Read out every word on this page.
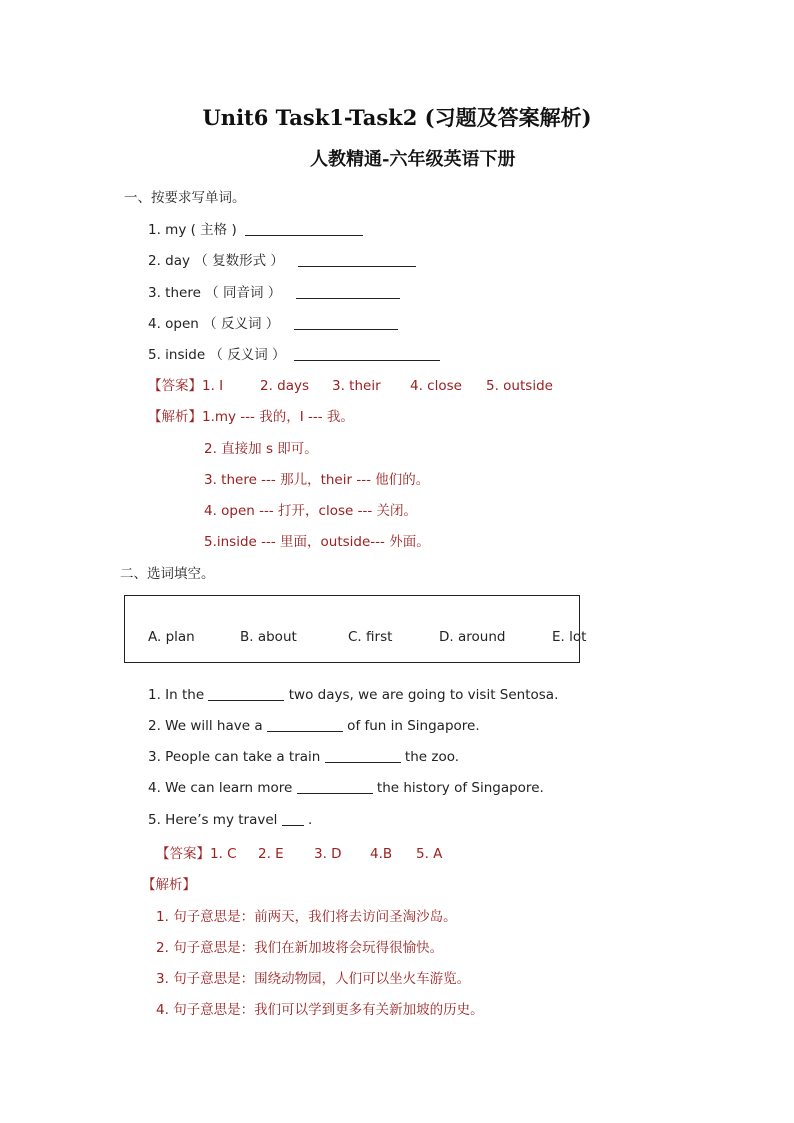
Unit6 Task1-Task2 (习题及答案解析)
人教精通-六年级英语下册
一、按要求写单词。
1. my ( 主格 )
2. day （ 复数形式 ）
3. there （ 同音词 ）
4. open （ 反义词 ）
5. inside （ 反义词 ）
【答案】1. I	2. days 3. their 4. close 5. outside
【解析】1.my --- 我的，I --- 我。
2. 直接加 s 即可。
3. there --- 那儿，their --- 他们的。
4. open --- 打开，close --- 关闭。
5.inside --- 里面，outside--- 外面。
二、选词填空。
A. plan	B. about	C. first	D. around	E. lot
1. In the	two days, we are going to visit Sentosa.
2. We will have a	of fun in Singapore.
3. People can take a train	the zoo.
4. We can learn more	the history of Singapore.
5. Here’s my travel  .
【答案】1. C 2. E 3. D 4.B 5. A
【解析】
1. 句子意思是：前两天，我们将去访问圣淘沙岛。
2. 句子意思是：我们在新加坡将会玩得很愉快。
3. 句子意思是：围绕动物园，人们可以坐火车游览。
4. 句子意思是：我们可以学到更多有关新加坡的历史。
